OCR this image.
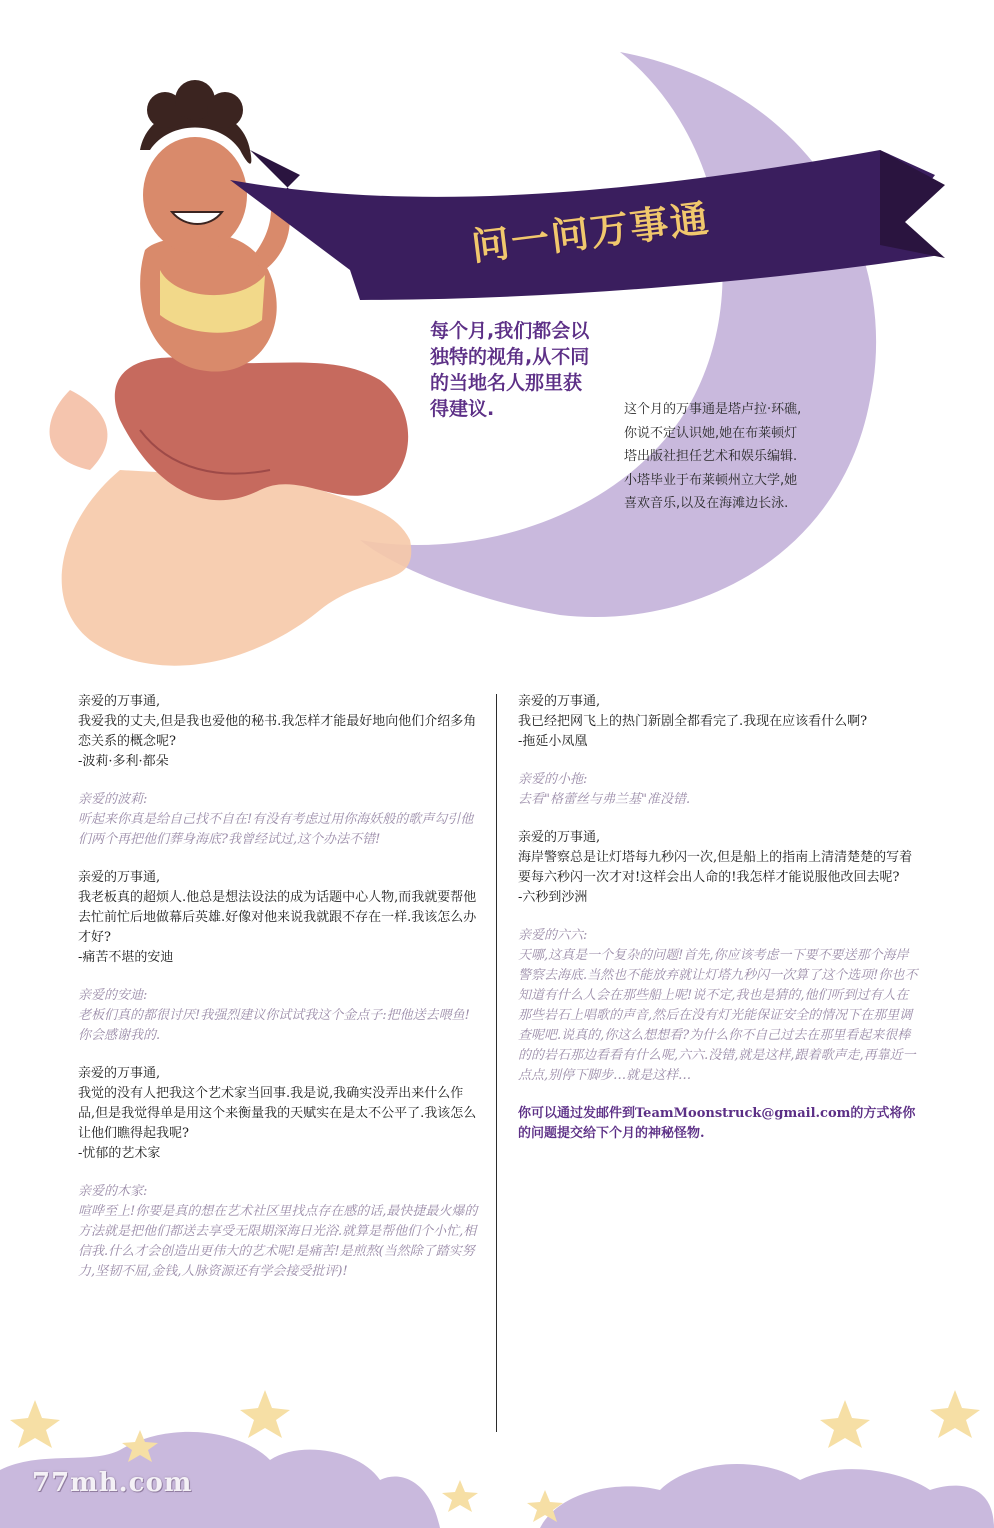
问一问万事通
每个月,我们都会以独特的视角,从不同的当地名人那里获得建议.	这个月的万事通是塔卢拉·环礁,你说不定认识她,她在布莱顿灯塔出版社担任艺术和娱乐编辑.小塔毕业于布莱顿州立大学,她喜欢音乐,以及在海滩边长泳.

亲爱的万事通,

我爱我的丈夫,但是我也爱他的秘书.我怎样才能最好地向他们介绍多角恋关系的概念呢?

-波莉·多利·都朵

亲爱的波莉:

听起来你真是给自己找不自在!有没有考虑过用你海妖般的歌声勾引他们两个再把他们葬身海底?我曾经试过,这个办法不错!

亲爱的万事通,

我老板真的超烦人.他总是想法设法的成为话题中心人物,而我就要帮他去忙前忙后地做幕后英雄.好像对他来说我就跟不存在一样.我该怎么办才好?

-痛苦不堪的安迪

亲爱的安迪:

老板们真的都很讨厌!我强烈建议你试试我这个金点子:把他送去喂鱼!你会感谢我的.

亲爱的万事通,

我觉的没有人把我这个艺术家当回事.我是说,我确实没弄出来什么作品,但是我觉得单是用这个来衡量我的天赋实在是太不公平了.我该怎么让他们瞧得起我呢?

-忧郁的艺术家

亲爱的木家:

喧哗至上!你要是真的想在艺术社区里找点存在感的话,最快捷最火爆的方法就是把他们都送去享受无限期深海日光浴.就算是帮他们个小忙,相信我.什么才会创造出更伟大的艺术呢!是痛苦!是煎熬(当然除了踏实努力,坚韧不屈,金钱,人脉资源还有学会接受批评)!

亲爱的万事通,

我已经把网飞上的热门新剧全都看完了.我现在应该看什么啊?

-拖延小凤凰

亲爱的小拖:

去看"格蕾丝与弗兰基"准没错.

亲爱的万事通,

海岸警察总是让灯塔每九秒闪一次,但是船上的指南上清清楚楚的写着要每六秒闪一次才对!这样会出人命的!我怎样才能说服他改回去呢?

-六秒到沙洲

亲爱的六六:

天哪,这真是一个复杂的问题!首先,你应该考虑一下要不要送那个海岸警察去海底.当然也不能放弃就让灯塔九秒闪一次算了这个选项!你也不知道有什么人会在那些船上呢!说不定,我也是猜的,他们听到过有人在那些岩石上唱歌的声音,然后在没有灯光能保证安全的情况下在那里调查呢吧.说真的,你这么想想看?为什么你不自己过去在那里看起来很棒的的岩石那边看看有什么呢,六六.没错,就是这样,跟着歌声走,再靠近一点点,别停下脚步…就是这样…

你可以通过发邮件到TeamMoonstruck@gmail.com的方式将你的问题提交给下个月的神秘怪物.
77mh.com
